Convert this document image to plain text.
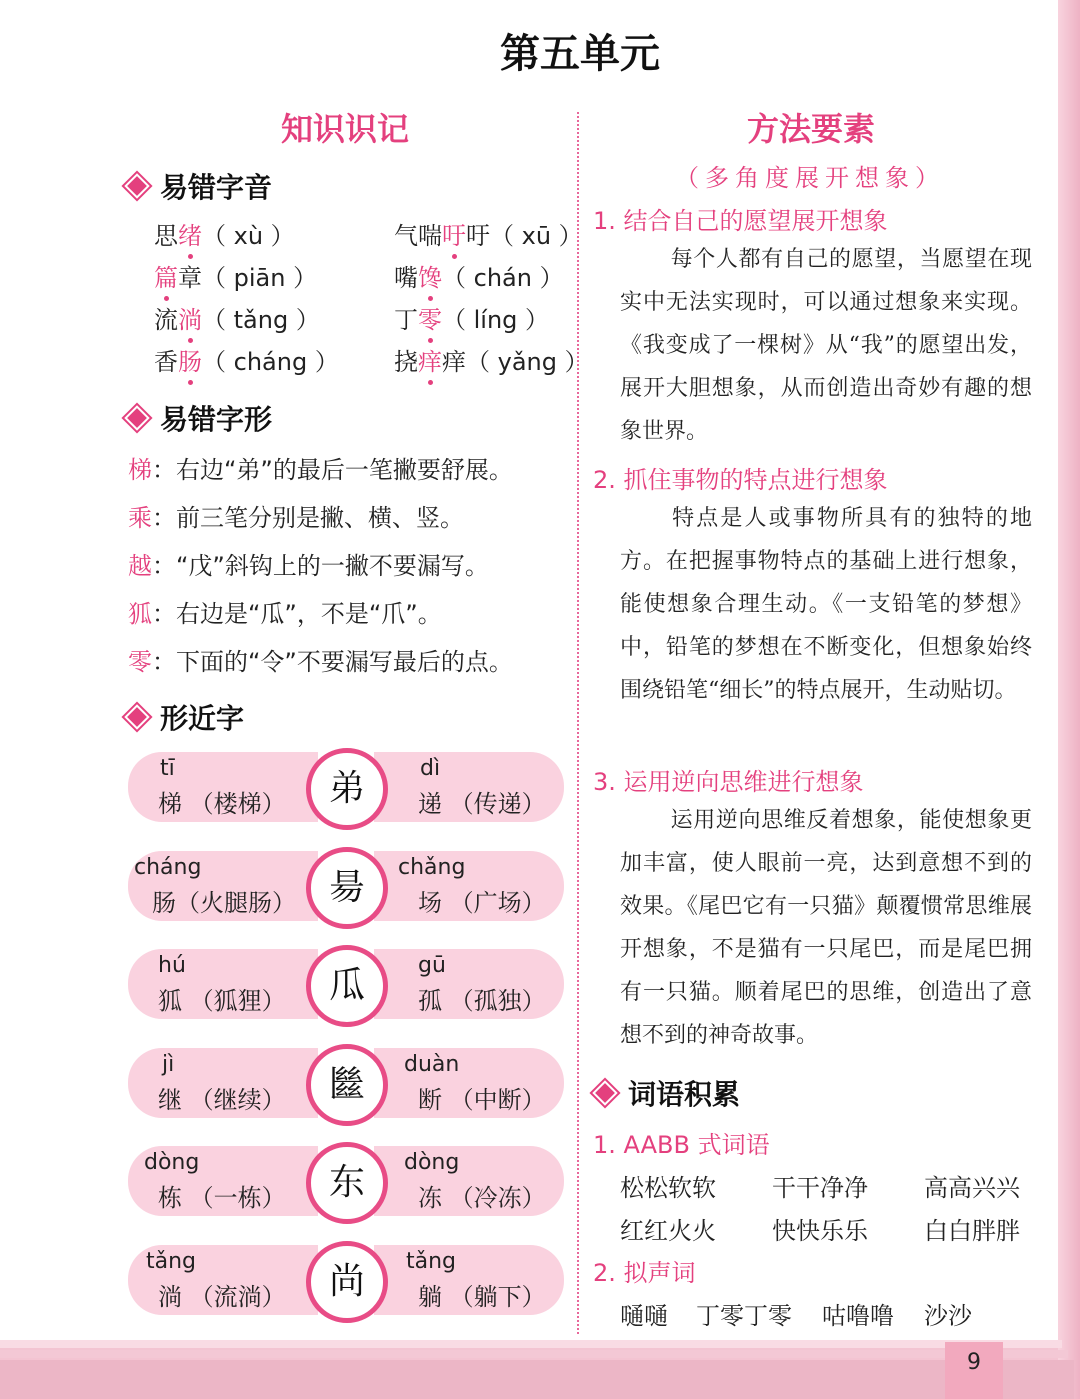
9
第五单元
知识识记
易错字音
思绪（ xù ）	气喘吁吁（ xū ）
篇章（ piān ）	嘴馋（ chán ）
流淌（ tǎng ）	丁零（ líng ）
香肠（ cháng ） 挠痒痒（ yǎng ）
易错字形
梯：右边“弟”的最后一笔撇要舒展。
乘：前三笔分别是撇、横、竖。
越：“戊”斜钩上的一撇不要漏写。
狐：右边是“瓜”，不是“爪”。
零：下面的“令”不要漏写最后的点。
形近字
tī
梯 （楼梯）
dì
递 （传递）
弟
cháng
肠（火腿肠）
chǎng
场 （广场）
昜
hú
狐 （狐狸）
gū
孤 （孤独）
瓜
jì
继 （继续）
duàn
断 （中断）
㡭
dòng
栋 （一栋）
dòng
冻 （冷冻）
东
tǎng
淌 （流淌）
tǎng
躺 （躺下）
尚
方法要素
（多角度展开想象）
1. 结合自己的愿望展开想象
每个人都有自己的愿望，当愿望在现实中无法实现时，可以通过想象来实现。《我变成了一棵树》从“我”的愿望出发，展开大胆想象，从而创造出奇妙有趣的想象世界。
2. 抓住事物的特点进行想象
特点是人或事物所具有的独特的地方。在把握事物特点的基础上进行想象，能使想象合理生动。《一支铅笔的梦想》中，铅笔的梦想在不断变化，但想象始终围绕铅笔“细长”的特点展开，生动贴切。
3. 运用逆向思维进行想象
运用逆向思维反着想象，能使想象更加丰富，使人眼前一亮，达到意想不到的效果。《尾巴它有一只猫》颠覆惯常思维展开想象，不是猫有一只尾巴，而是尾巴拥有一只猫。顺着尾巴的思维，创造出了意想不到的神奇故事。
词语积累
1. AABB 式词语
松松软软 干干净净 高高兴兴
红红火火 快快乐乐 白白胖胖
2. 拟声词
嗵嗵 丁零丁零 咕噜噜 沙沙
